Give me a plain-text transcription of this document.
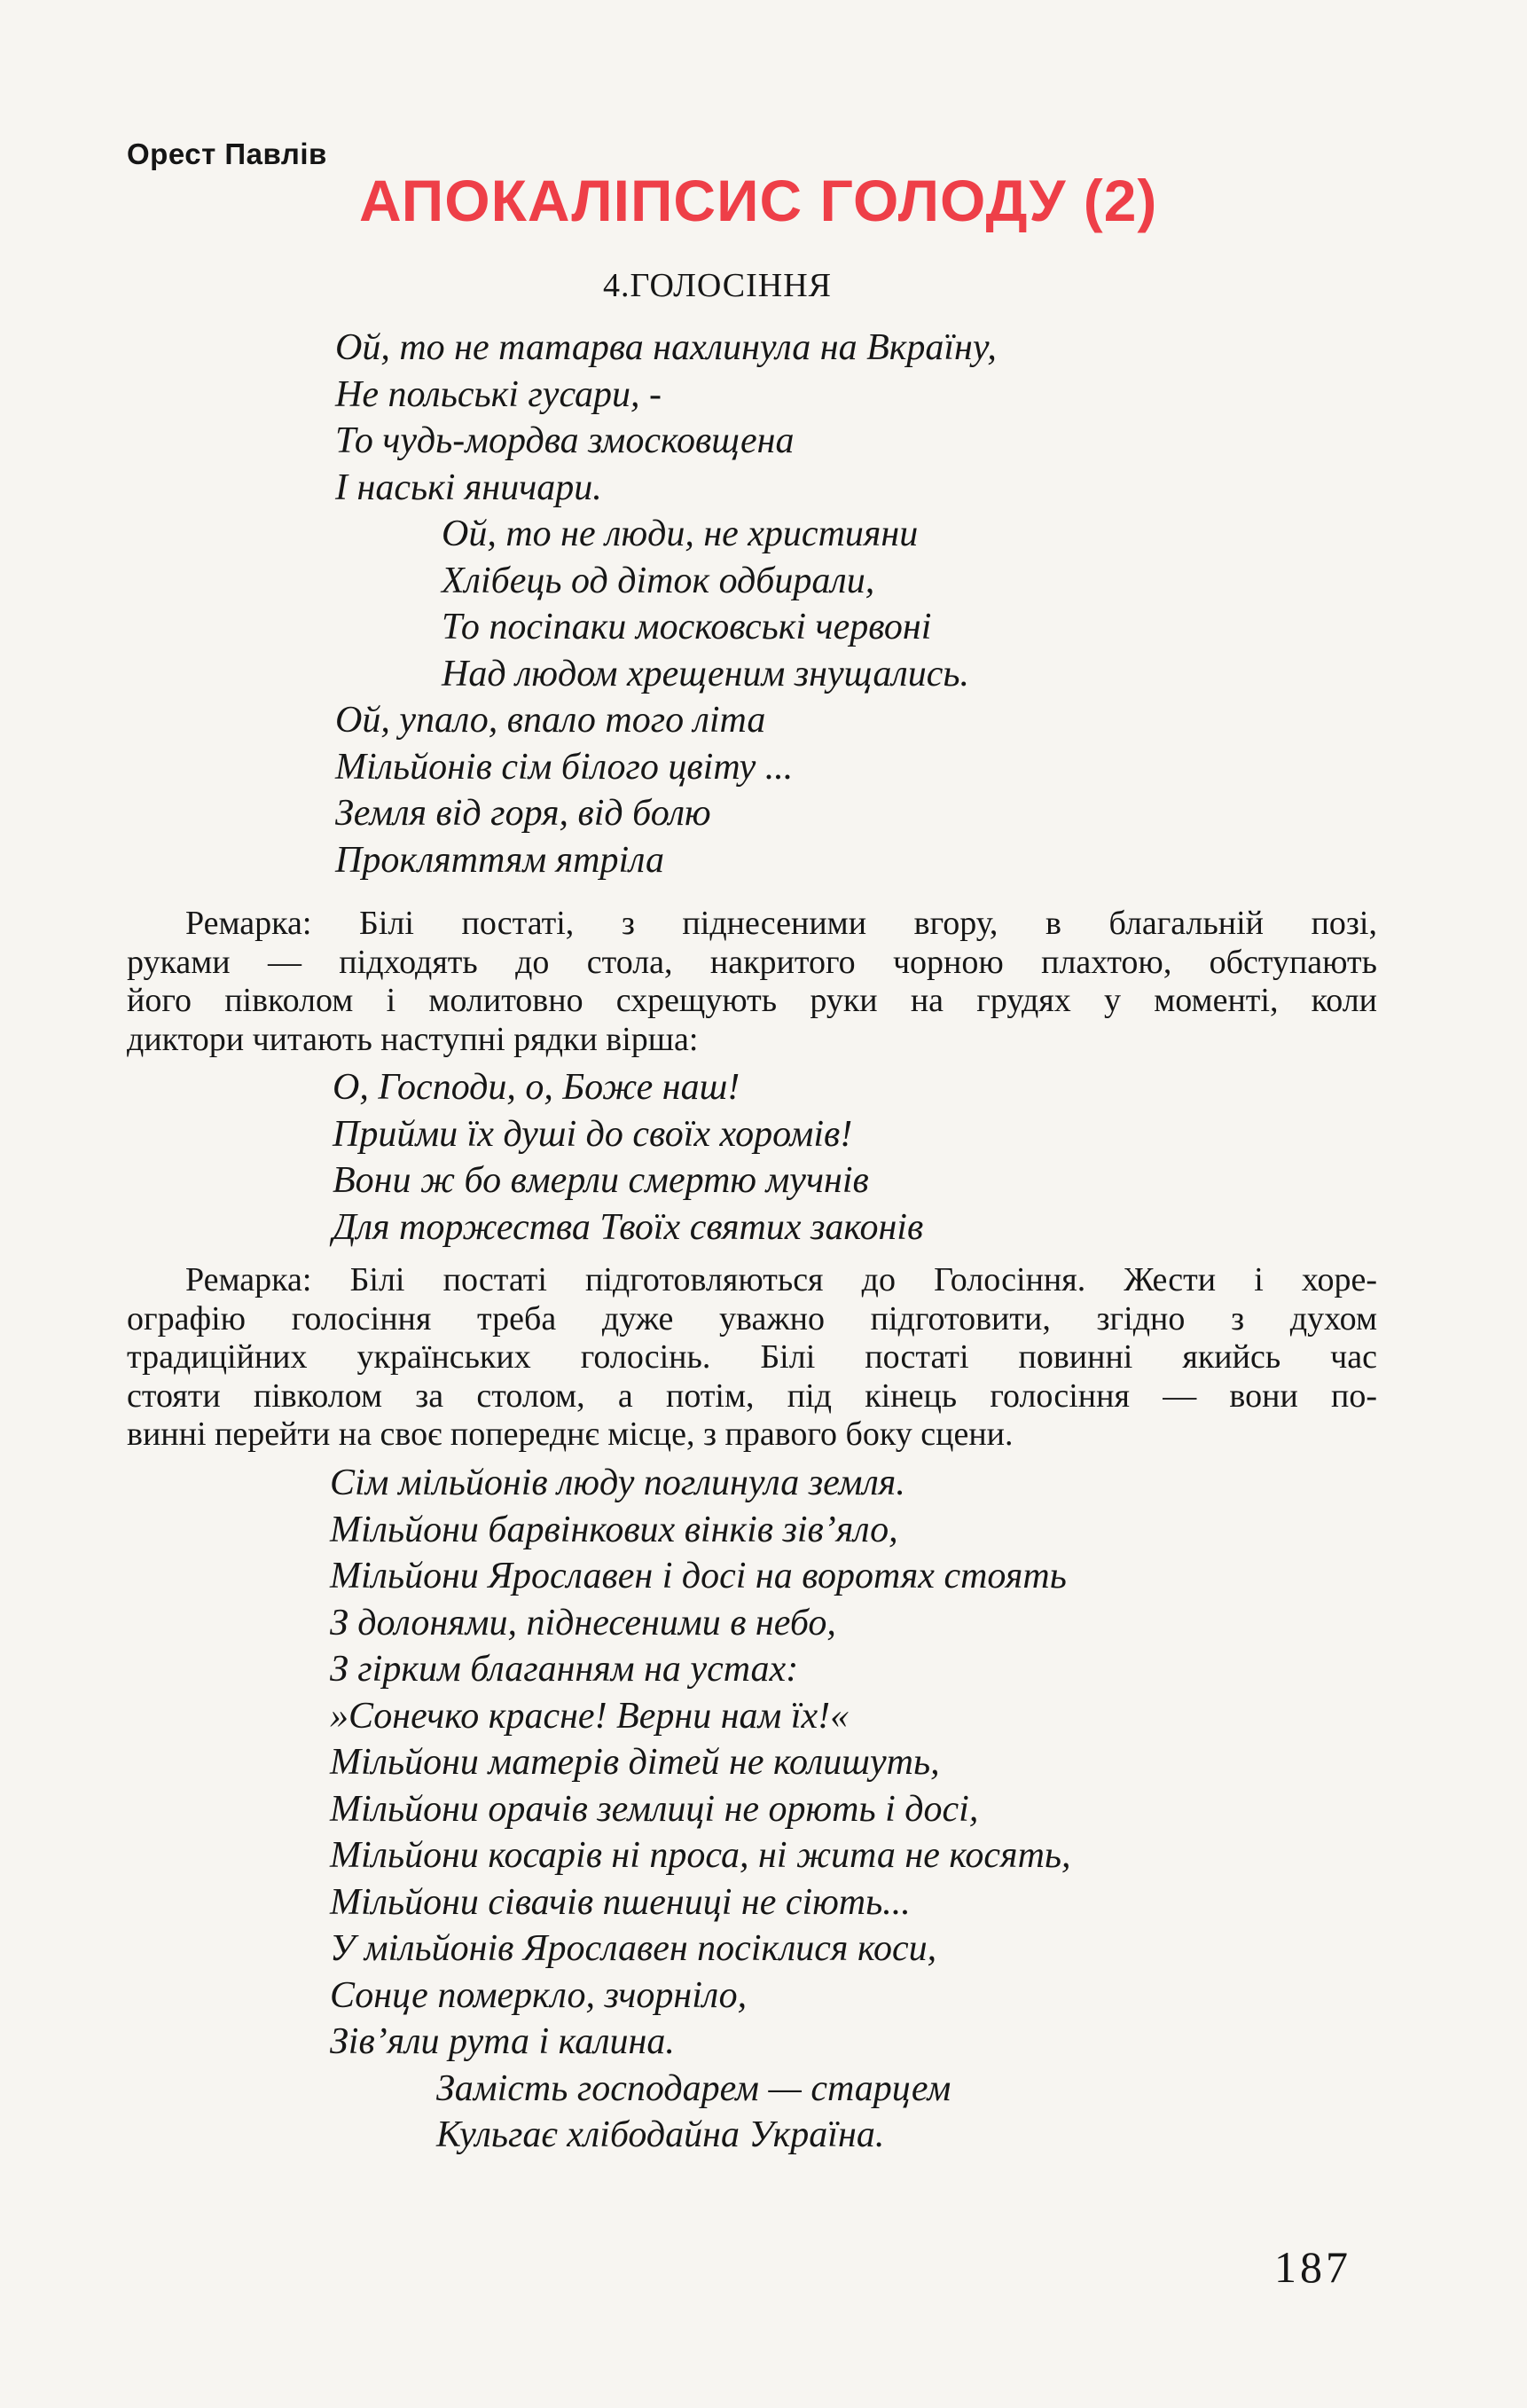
Орест Павлів
АПОКАЛІПСИС ГОЛОДУ (2)
4.ГОЛОСІННЯ
Ой, то не татарва нахлинула на Вкраїну,
Не польські гусари, -
То чудь-мордва змосковщена
І наські яничари.
Ой, то не люди, не християни
Хлібець од діток одбирали,
То посіпаки московські червоні
Над людом хрещеним знущались.
Ой, упало, впало того літа
Мільйонів сім білого цвіту ...
Земля від горя, від болю
Прокляттям ятріла
Ремарка: Білі постаті, з піднесеними вгору, в благальній позі,
руками — підходять до стола, накритого чорною плахтою, обступають
його півколом і молитовно схрещують руки на грудях у моменті, коли
диктори читають наступні рядки вірша:
О, Господи, о, Боже наш!
Прийми їх душі до своїх хоромів!
Вони ж бо вмерли смертю мучнів
Для торжества Твоїх святих законів
Ремарка: Білі постаті підготовляються до Голосіння. Жести і хоре-
ографію голосіння треба дуже уважно підготовити, згідно з духом
традиційних українських голосінь. Білі постаті повинні якийсь час
стояти півколом за столом, а потім, під кінець голосіння — вони по-
винні перейти на своє попереднє місце, з правого боку сцени.
Сім мільйонів люду поглинула земля.
Мільйони барвінкових вінків зів’яло,
Мільйони Ярославен і досі на воротях стоять
З долонями, піднесеними в небо,
З гірким благанням на устах:
»Сонечко красне! Верни нам їх!«
Мільйони матерів дітей не колишуть,
Мільйони орачів землиці не орють і досі,
Мільйони косарів ні проса, ні жита не косять,
Мільйони сівачів пшениці не сіють...
У мільйонів Ярославен посіклися коси,
Сонце померкло, зчорніло,
Зів’яли рута і калина.
Замість господарем — старцем
Кульгає хлібодайна Україна.
187
